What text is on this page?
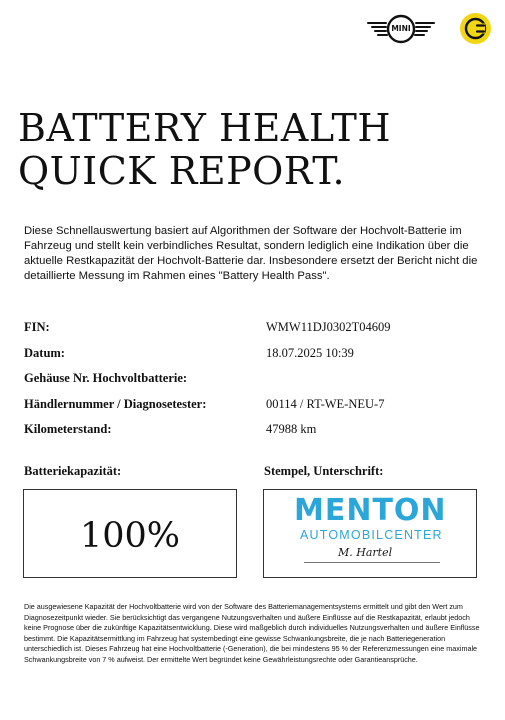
MINI
BATTERY HEALTH
QUICK REPORT.

Diese Schnellauswertung basiert auf Algorithmen der Software der Hochvolt-Batterie im Fahrzeug und stellt kein verbindliches Resultat, sondern lediglich eine Indikation über die aktuelle Restkapazität der Hochvolt-Batterie dar. Insbesondere ersetzt der Bericht nicht die detaillierte Messung im Rahmen eines "Battery Health Pass".

FIN:	WMW11DJ0302T04609
Datum:	18.07.2025 10:39
Gehäuse Nr. Hochvoltbatterie:
Händlernummer / Diagnosetester:	00114 / RT-WE-NEU-7
Kilometerstand:	47988 km
Batteriekapazität:	Stempel, Unterschrift:
100%
MENTON
AUTOMOBILCENTER
M. Hartel

Die ausgewiesene Kapazität der Hochvoltbatterie wird von der Software des Batteriemanagementsystems ermittelt und gibt den Wert zum Diagnosezeitpunkt wieder. Sie berücksichtigt das vergangene Nutzungsverhalten und äußere Einflüsse auf die Restkapazität, erlaubt jedoch keine Prognose über die zukünftige Kapazitätsentwicklung. Diese wird maßgeblich durch individuelles Nutzungsverhalten und äußere Einflüsse bestimmt. Die Kapazitätsermittlung im Fahrzeug hat systembedingt eine gewisse Schwankungsbreite, die je nach Batteriegeneration unterschiedlich ist. Dieses Fahrzeug hat eine Hochvoltbatterie (-Generation), die bei mindestens 95 % der Referenzmessungen eine maximale Schwankungsbreite von 7 % aufweist. Der ermittelte Wert begründet keine Gewährleistungsrechte oder Garantieansprüche.
